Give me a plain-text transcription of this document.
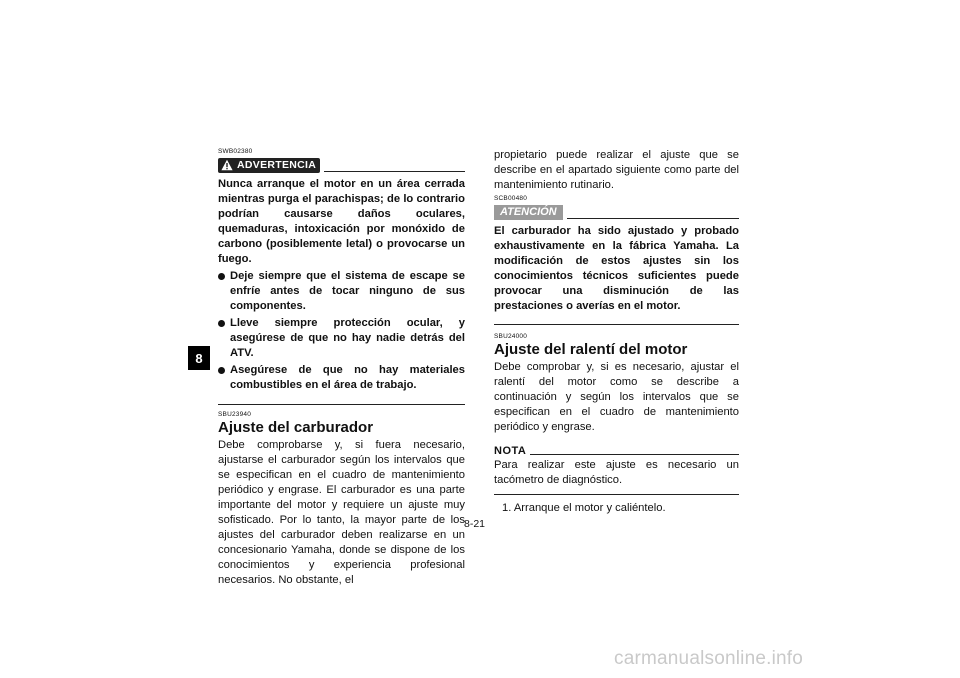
8
SWB02380
ADVERTENCIA

Nunca arranque el motor en un área cerrada mientras purga el parachispas; de lo contrario podrían causarse daños oculares, quemaduras, intoxicación por monóxido de carbono (posiblemente letal) o provocarse un fuego.

Deje siempre que el sistema de escape se enfríe antes de tocar ninguno de sus componentes.
Lleve siempre protección ocular, y asegúrese de que no hay nadie detrás del ATV.
Asegúrese de que no hay materiales combustibles en el área de trabajo.
SBU23940
Ajuste del carburador

Debe comprobarse y, si fuera necesario, ajustarse el carburador según los intervalos que se especifican en el cuadro de mantenimiento periódico y engrase. El carburador es una parte importante del motor y requiere un ajuste muy sofisticado. Por lo tanto, la mayor parte de los ajustes del carburador deben realizarse en un concesionario Yamaha, donde se dispone de los conocimientos y experiencia profesional necesarios. No obstante, el

propietario puede realizar el ajuste que se describe en el apartado siguiente como parte del mantenimiento rutinario.

SCB00480
ATENCIÓN

El carburador ha sido ajustado y probado exhaustivamente en la fábrica Yamaha. La modificación de estos ajustes sin los conocimientos técnicos suficientes puede provocar una disminución de las prestaciones o averías en el motor.

SBU24000
Ajuste del ralentí del motor

Debe comprobar y, si es necesario, ajustar el ralentí del motor como se describe a continuación y según los intervalos que se especifican en el cuadro de mantenimiento periódico y engrase.

NOTA

Para realizar este ajuste es necesario un tacómetro de diagnóstico.

1. Arranque el motor y caliéntelo.

8-21
carmanualsonline.info
